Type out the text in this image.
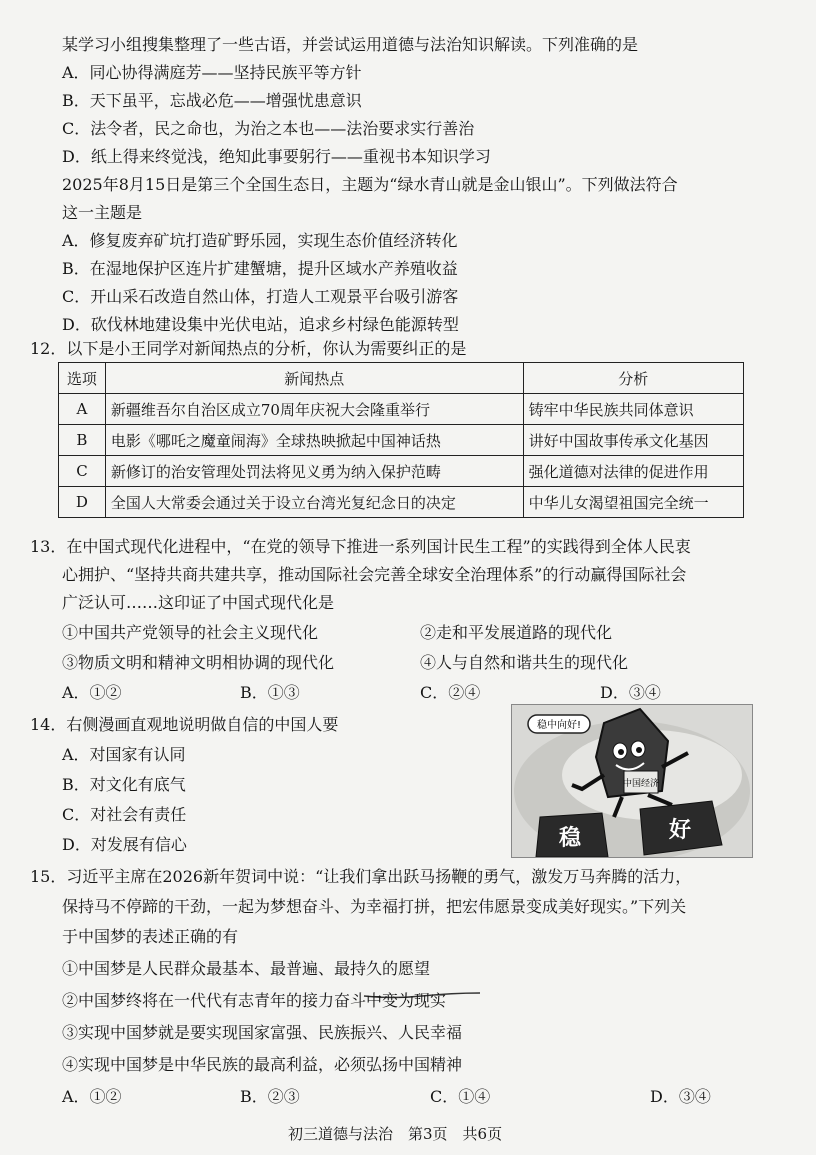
某学习小组搜集整理了一些古语，并尝试运用道德与法治知识解读。下列准确的是
A．同心协得满庭芳——坚持民族平等方针
B．天下虽平，忘战必危——增强忧患意识
C．法令者，民之命也，为治之本也——法治要求实行善治
D．纸上得来终觉浅，绝知此事要躬行——重视书本知识学习
2025年8月15日是第三个全国生态日，主题为“绿水青山就是金山银山”。下列做法符合
这一主题是
A．修复废弃矿坑打造矿野乐园，实现生态价值经济转化
B．在湿地保护区连片扩建蟹塘，提升区域水产养殖收益
C．开山采石改造自然山体，打造人工观景平台吸引游客
D．砍伐林地建设集中光伏电站，追求乡村绿色能源转型
12．以下是小王同学对新闻热点的分析，你认为需要纠正的是
选项	新闻热点	分析
A	新疆维吾尔自治区成立70周年庆祝大会隆重举行	铸牢中华民族共同体意识
B	电影《哪吒之魔童闹海》全球热映掀起中国神话热	讲好中国故事传承文化基因
C	新修订的治安管理处罚法将见义勇为纳入保护范畴	强化道德对法律的促进作用
D	全国人大常委会通过关于设立台湾光复纪念日的决定	中华儿女渴望祖国完全统一
13．在中国式现代化进程中，“在党的领导下推进一系列国计民生工程”的实践得到全体人民衷
心拥护、“坚持共商共建共享，推动国际社会完善全球安全治理体系”的行动赢得国际社会
广泛认可……这印证了中国式现代化是
①中国共产党领导的社会主义现代化	②走和平发展道路的现代化
③物质文明和精神文明相协调的现代化	④人与自然和谐共生的现代化
A．①②	B．①③	C．②④	D．③④
14．右侧漫画直观地说明做自信的中国人要
A．对国家有认同
B．对文化有底气
C．对社会有责任
D．对发展有信心
稳中向好!
中国经济
稳	好
15．习近平主席在2026新年贺词中说：“让我们拿出跃马扬鞭的勇气，激发万马奔腾的活力，
保持马不停蹄的干劲，一起为梦想奋斗、为幸福打拼，把宏伟愿景变成美好现实。”下列关
于中国梦的表述正确的有
①中国梦是人民群众最基本、最普遍、最持久的愿望
②中国梦终将在一代代有志青年的接力奋斗中变为现实
③实现中国梦就是要实现国家富强、民族振兴、人民幸福
④实现中国梦是中华民族的最高利益，必须弘扬中国精神
A．①②	B．②③	C．①④	D．③④
初三道德与法治　第3页　共6页
